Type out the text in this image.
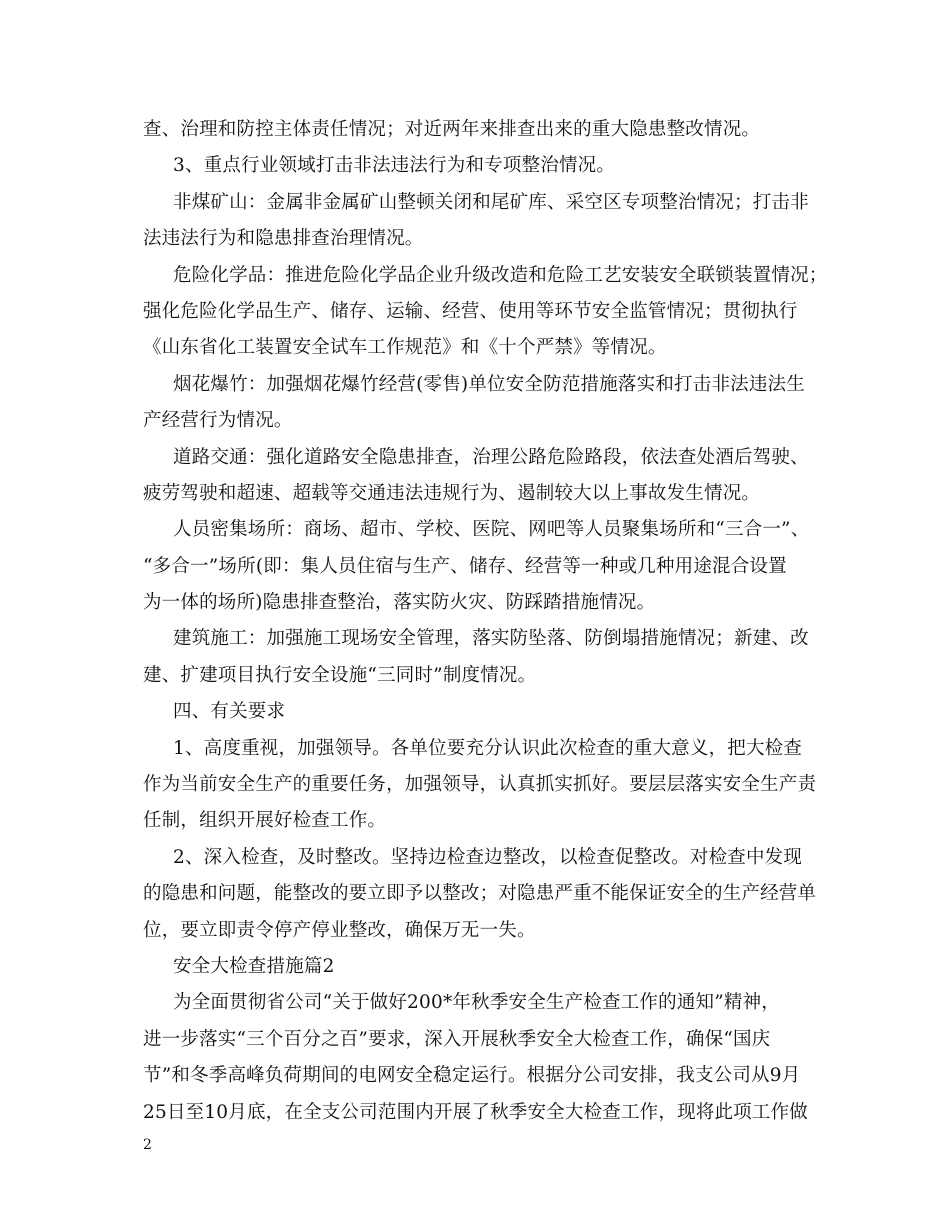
查、治理和防控主体责任情况；对近两年来排查出来的重大隐患整改情况。
3、重点行业领域打击非法违法行为和专项整治情况。
非煤矿山：金属非金属矿山整顿关闭和尾矿库、采空区专项整治情况；打击非
法违法行为和隐患排查治理情况。
危险化学品：推进危险化学品企业升级改造和危险工艺安装安全联锁装置情况；
强化危险化学品生产、储存、运输、经营、使用等环节安全监管情况；贯彻执行
《山东省化工装置安全试车工作规范》和《十个严禁》等情况。
烟花爆竹：加强烟花爆竹经营(零售)单位安全防范措施落实和打击非法违法生
产经营行为情况。
道路交通：强化道路安全隐患排查，治理公路危险路段，依法查处酒后驾驶、
疲劳驾驶和超速、超载等交通违法违规行为、遏制较大以上事故发生情况。
人员密集场所：商场、超市、学校、医院、网吧等人员聚集场所和“三合一”、
“多合一”场所(即：集人员住宿与生产、储存、经营等一种或几种用途混合设置
为一体的场所)隐患排查整治，落实防火灾、防踩踏措施情况。
建筑施工：加强施工现场安全管理，落实防坠落、防倒塌措施情况；新建、改
建、扩建项目执行安全设施“三同时”制度情况。
四、有关要求
1、高度重视，加强领导。各单位要充分认识此次检查的重大意义，把大检查
作为当前安全生产的重要任务，加强领导，认真抓实抓好。要层层落实安全生产责
任制，组织开展好检查工作。
2、深入检查，及时整改。坚持边检查边整改，以检查促整改。对检查中发现
的隐患和问题，能整改的要立即予以整改；对隐患严重不能保证安全的生产经营单
位，要立即责令停产停业整改，确保万无一失。
安全大检查措施篇2
为全面贯彻省公司“关于做好200*年秋季安全生产检查工作的通知”精神，
进一步落实“三个百分之百”要求，深入开展秋季安全大检查工作，确保“国庆
节”和冬季高峰负荷期间的电网安全稳定运行。根据分公司安排，我支公司从9月
25日至10月底，在全支公司范围内开展了秋季安全大检查工作，现将此项工作做
2
